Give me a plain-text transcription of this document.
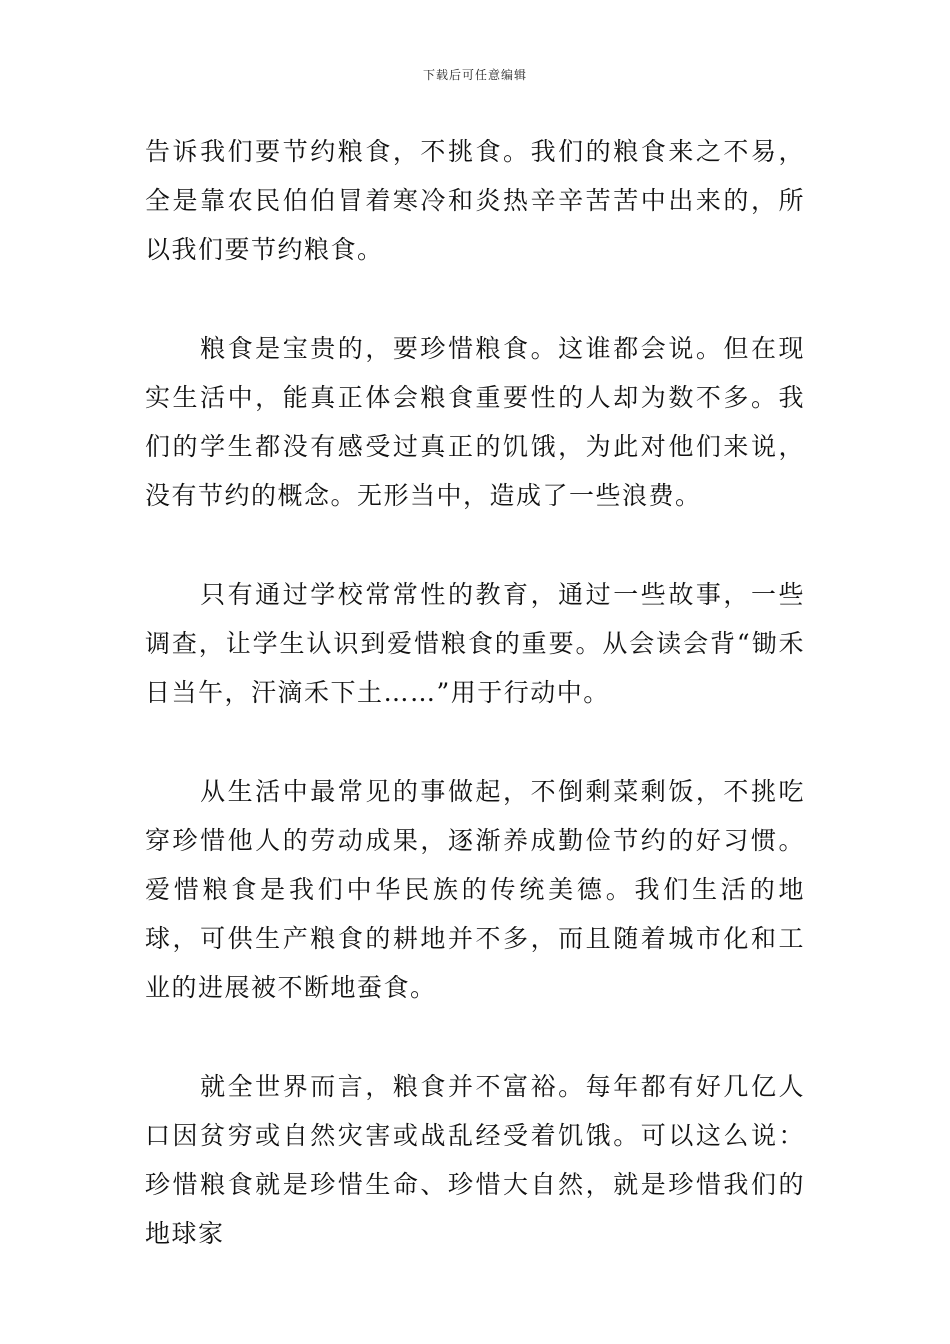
下载后可任意编辑

告诉我们要节约粮食，不挑食。我们的粮食来之不易，全是靠农民伯伯冒着寒冷和炎热辛辛苦苦中出来的，所以我们要节约粮食。

　　粮食是宝贵的，要珍惜粮食。这谁都会说。但在现实生活中，能真正体会粮食重要性的人却为数不多。我们的学生都没有感受过真正的饥饿，为此对他们来说，没有节约的概念。无形当中，造成了一些浪费。

　　只有通过学校常常性的教育，通过一些故事，一些调查，让学生认识到爱惜粮食的重要。从会读会背“锄禾日当午，汗滴禾下土……”用于行动中。

　　从生活中最常见的事做起，不倒剩菜剩饭，不挑吃穿珍惜他人的劳动成果，逐渐养成勤俭节约的好习惯。爱惜粮食是我们中华民族的传统美德。我们生活的地球，可供生产粮食的耕地并不多，而且随着城市化和工业的进展被不断地蚕食。

　　就全世界而言，粮食并不富裕。每年都有好几亿人口因贫穷或自然灾害或战乱经受着饥饿。可以这么说：珍惜粮食就是珍惜生命、珍惜大自然，就是珍惜我们的地球家
